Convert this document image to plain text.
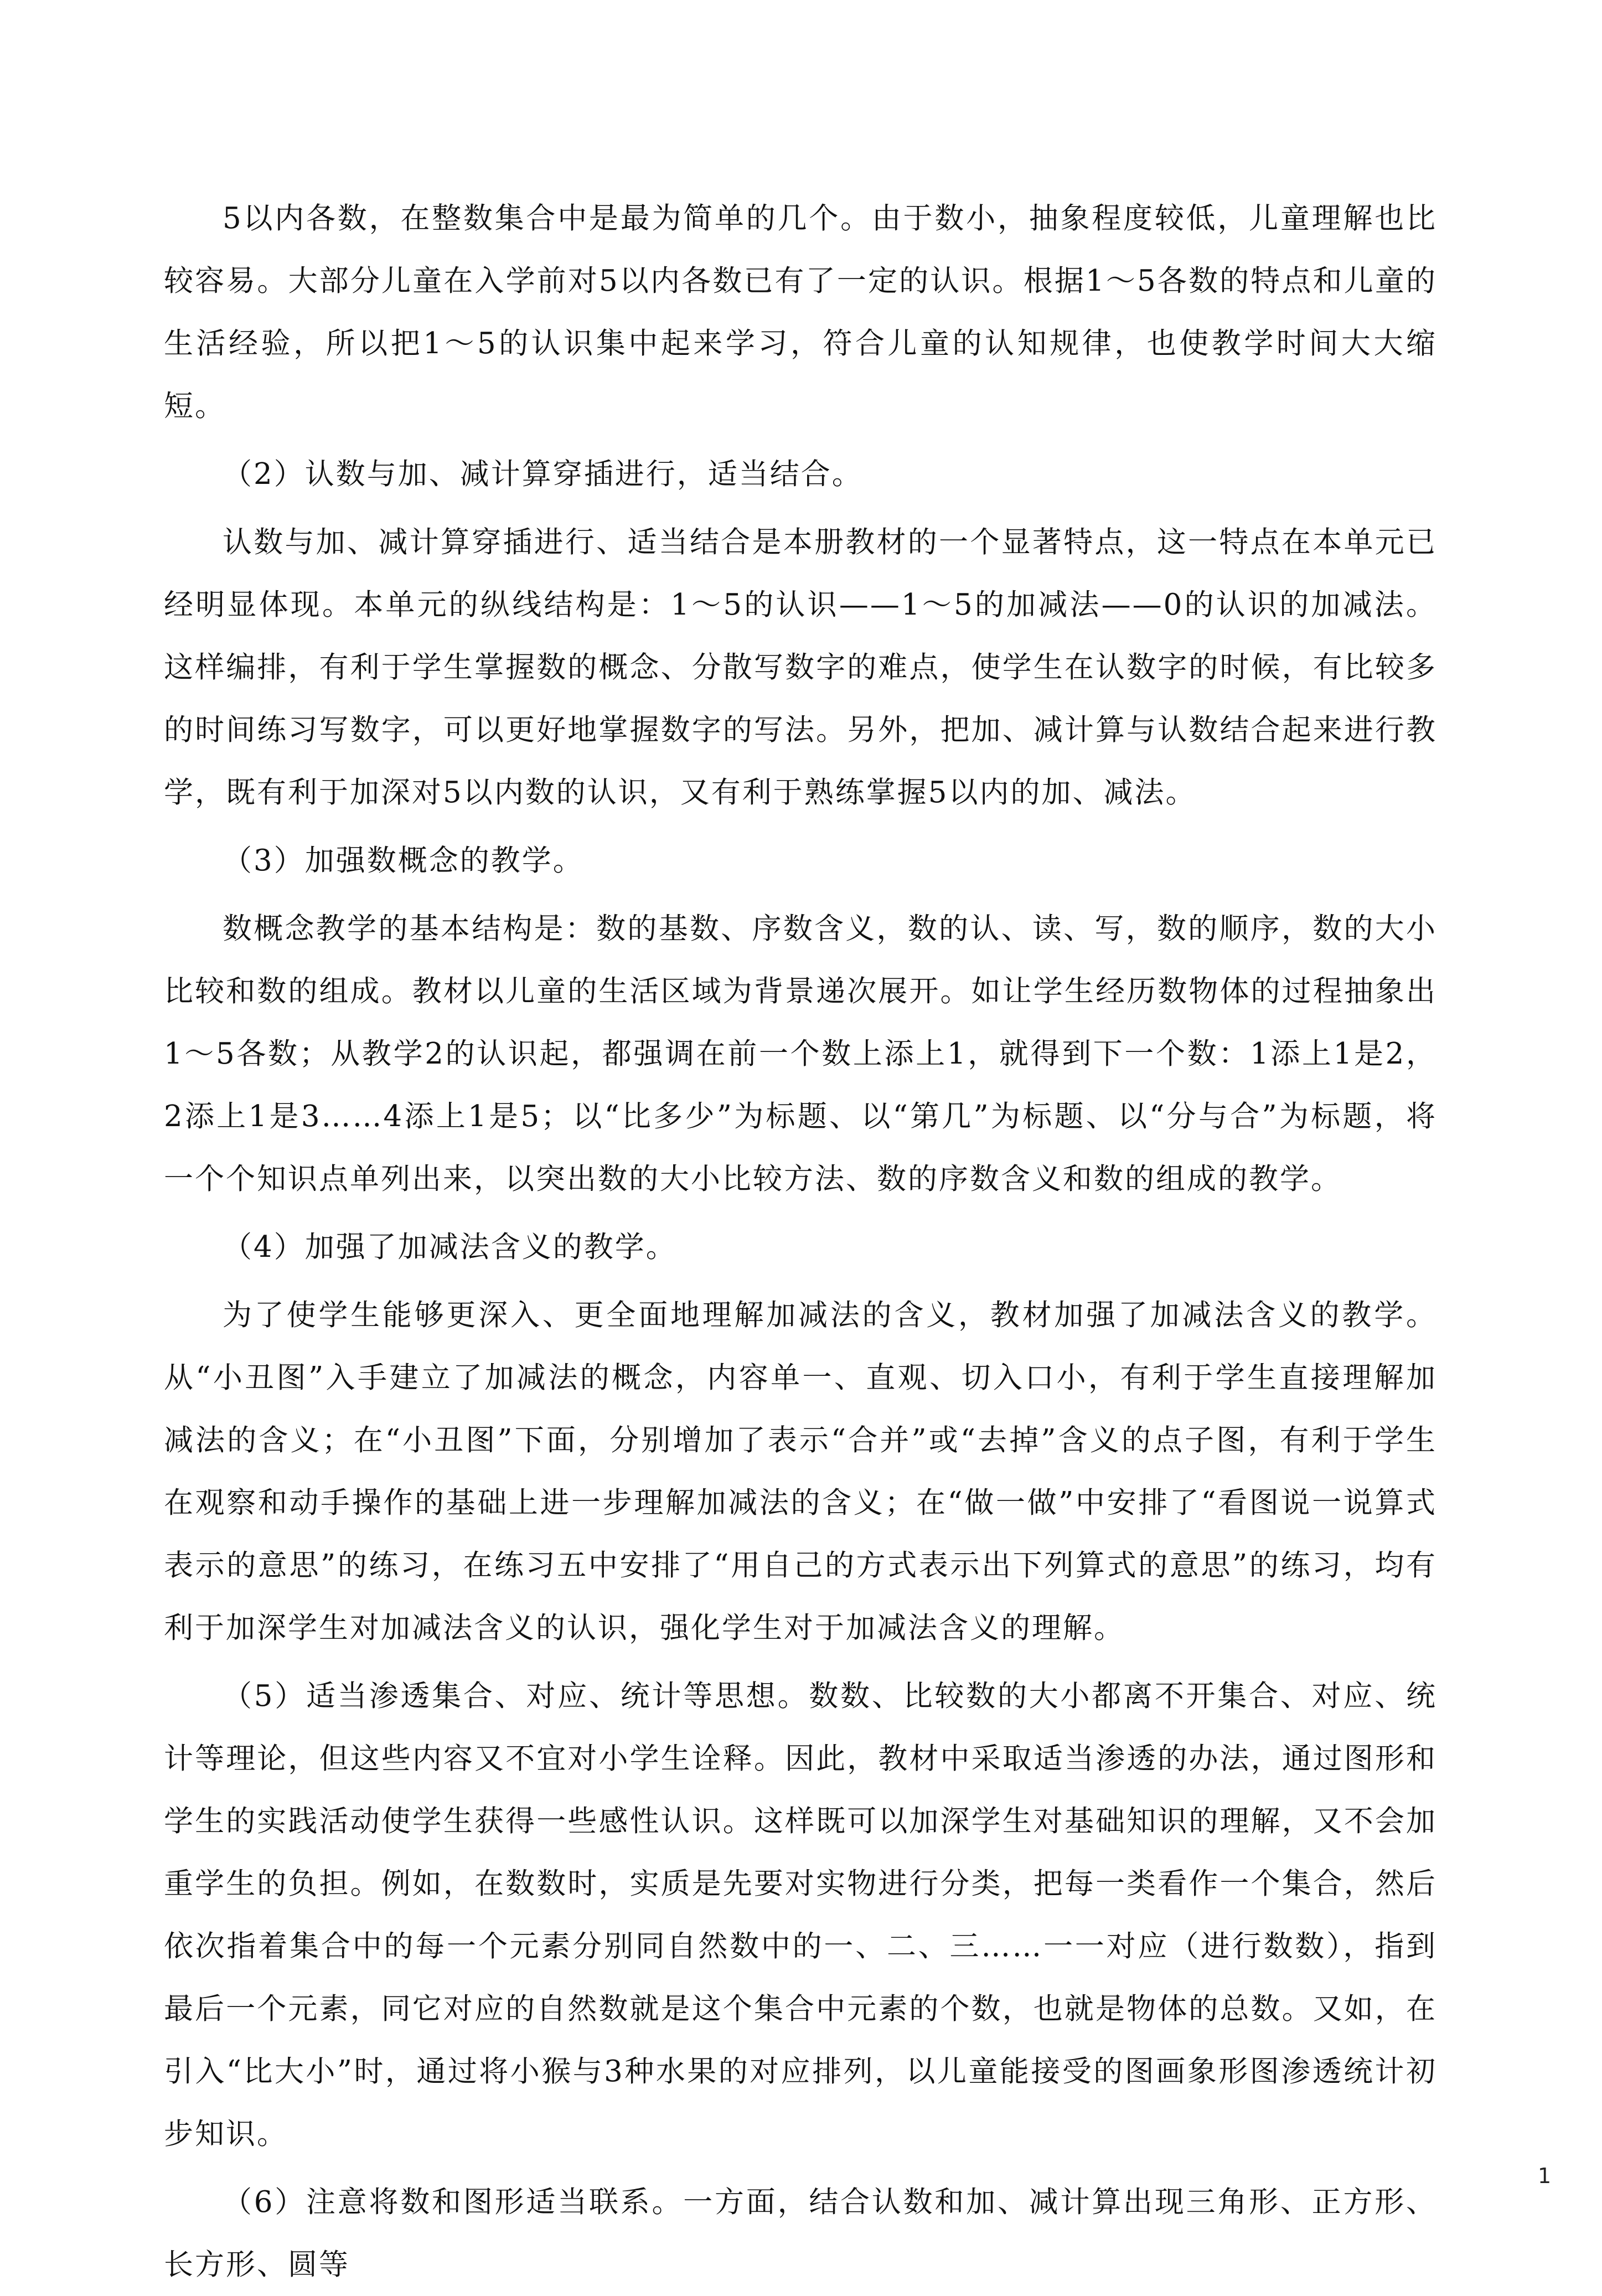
5以内各数，在整数集合中是最为简单的几个。由于数小，抽象程度较低，儿童理解也比较容易。大部分儿童在入学前对5以内各数已有了一定的认识。根据1～5各数的特点和儿童的生活经验，所以把1～5的认识集中起来学习，符合儿童的认知规律，也使教学时间大大缩短。

（2）认数与加、减计算穿插进行，适当结合。

认数与加、减计算穿插进行、适当结合是本册教材的一个显著特点，这一特点在本单元已经明显体现。本单元的纵线结构是：1～5的认识——1～5的加减法——0的认识的加减法。这样编排，有利于学生掌握数的概念、分散写数字的难点，使学生在认数字的时候，有比较多的时间练习写数字，可以更好地掌握数字的写法。另外，把加、减计算与认数结合起来进行教学，既有利于加深对5以内数的认识，又有利于熟练掌握5以内的加、减法。

（3）加强数概念的教学。

数概念教学的基本结构是：数的基数、序数含义，数的认、读、写，数的顺序，数的大小比较和数的组成。教材以儿童的生活区域为背景递次展开。如让学生经历数物体的过程抽象出1～5各数；从教学2的认识起，都强调在前一个数上添上1，就得到下一个数：1添上1是2，2添上1是3……4添上1是5；以“比多少”为标题、以“第几”为标题、以“分与合”为标题，将一个个知识点单列出来，以突出数的大小比较方法、数的序数含义和数的组成的教学。

（4）加强了加减法含义的教学。

为了使学生能够更深入、更全面地理解加减法的含义，教材加强了加减法含义的教学。从“小丑图”入手建立了加减法的概念，内容单一、直观、切入口小，有利于学生直接理解加减法的含义；在“小丑图”下面，分别增加了表示“合并”或“去掉”含义的点子图，有利于学生在观察和动手操作的基础上进一步理解加减法的含义；在“做一做”中安排了“看图说一说算式表示的意思”的练习，在练习五中安排了“用自己的方式表示出下列算式的意思”的练习，均有利于加深学生对加减法含义的认识，强化学生对于加减法含义的理解。

（5）适当渗透集合、对应、统计等思想。数数、比较数的大小都离不开集合、对应、统计等理论，但这些内容又不宜对小学生诠释。因此，教材中采取适当渗透的办法，通过图形和学生的实践活动使学生获得一些感性认识。这样既可以加深学生对基础知识的理解，又不会加重学生的负担。例如，在数数时，实质是先要对实物进行分类，把每一类看作一个集合，然后依次指着集合中的每一个元素分别同自然数中的一、二、三……一一对应（进行数数），指到最后一个元素，同它对应的自然数就是这个集合中元素的个数，也就是物体的总数。又如，在引入“比大小”时，通过将小猴与3种水果的对应排列，以儿童能接受的图画象形图渗透统计初步知识。

（6）注意将数和图形适当联系。一方面，结合认数和加、减计算出现三角形、正方形、长方形、圆等

1
